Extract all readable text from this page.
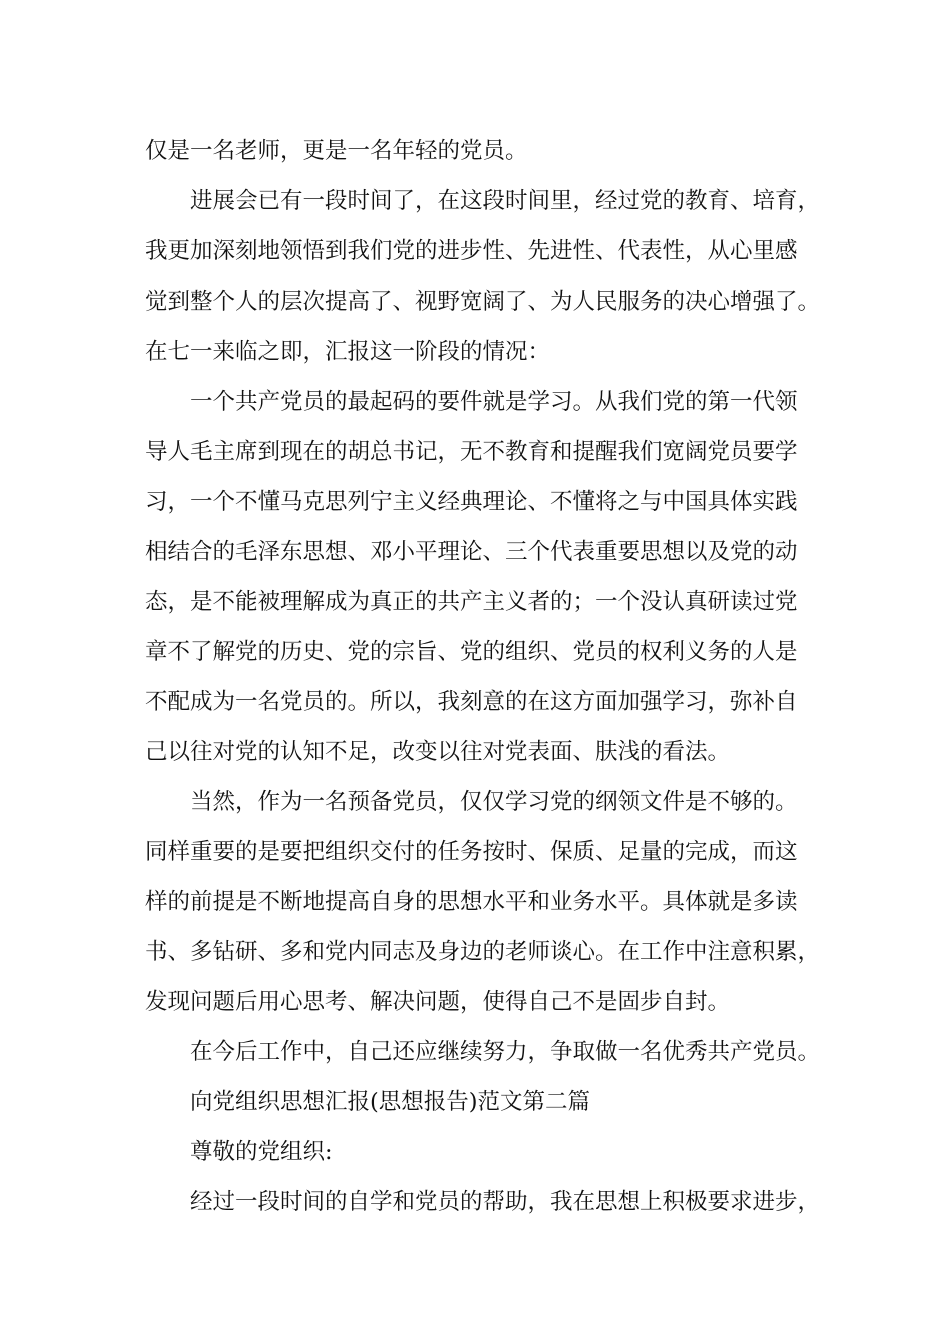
仅是一名老师，更是一名年轻的党员。

进展会已有一段时间了，在这段时间里，经过党的教育、培育，

我更加深刻地领悟到我们党的进步性、先进性、代表性，从心里感

觉到整个人的层次提高了、视野宽阔了、为人民服务的决心增强了。

在七一来临之即，汇报这一阶段的情况：

一个共产党员的最起码的要件就是学习。从我们党的第一代领

导人毛主席到现在的胡总书记，无不教育和提醒我们宽阔党员要学

习，一个不懂马克思列宁主义经典理论、不懂将之与中国具体实践

相结合的毛泽东思想、邓小平理论、三个代表重要思想以及党的动

态，是不能被理解成为真正的共产主义者的；一个没认真研读过党

章不了解党的历史、党的宗旨、党的组织、党员的权利义务的人是

不配成为一名党员的。所以，我刻意的在这方面加强学习，弥补自

己以往对党的认知不足，改变以往对党表面、肤浅的看法。

当然，作为一名预备党员，仅仅学习党的纲领文件是不够的。

同样重要的是要把组织交付的任务按时、保质、足量的完成，而这

样的前提是不断地提高自身的思想水平和业务水平。具体就是多读

书、多钻研、多和党内同志及身边的老师谈心。在工作中注意积累，

发现问题后用心思考、解决问题，使得自己不是固步自封。

在今后工作中，自己还应继续努力，争取做一名优秀共产党员。

向党组织思想汇报(思想报告)范文第二篇

尊敬的党组织:

经过一段时间的自学和党员的帮助，我在思想上积极要求进步，
